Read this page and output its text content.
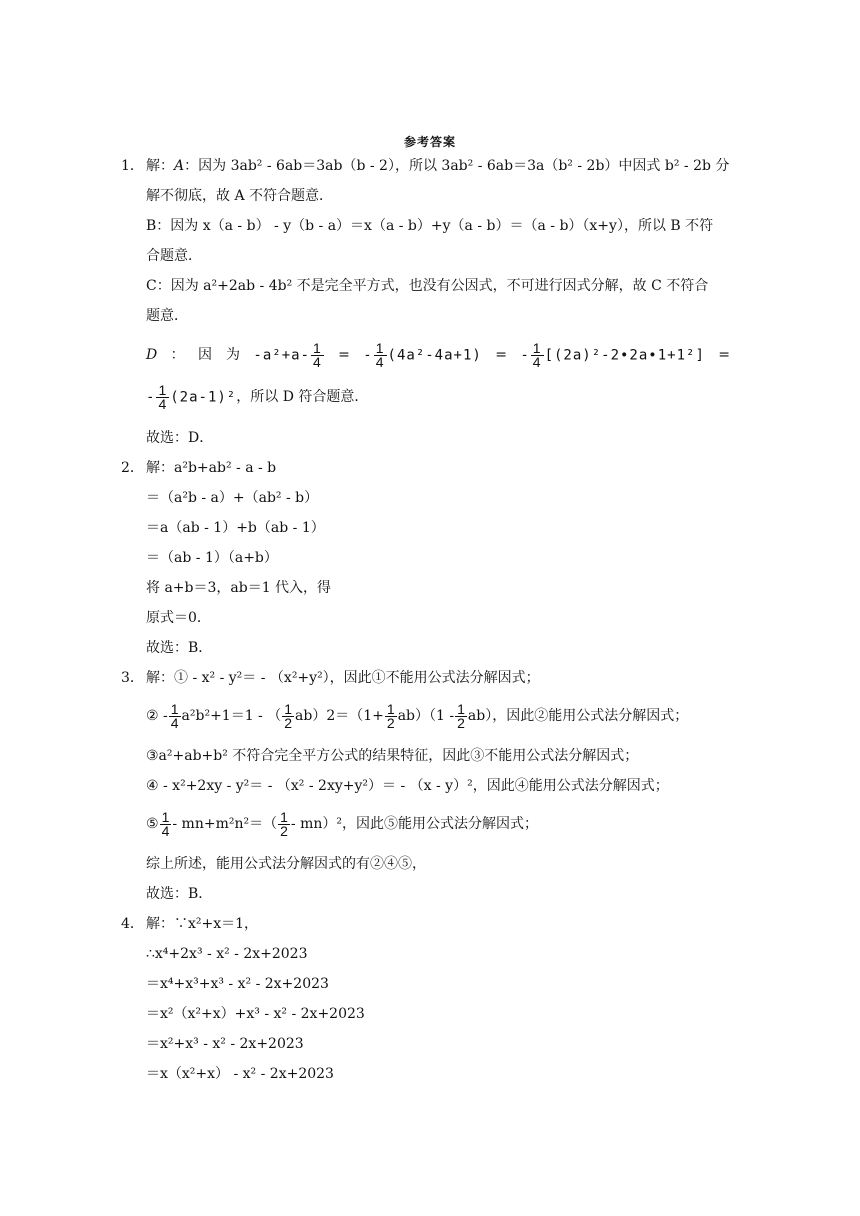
参考答案
1． 解：A：因为 3ab² - 6ab＝3ab（b - 2），所以 3ab² - 6ab＝3a（b² - 2b）中因式 b² - 2b 分
解不彻底，故 A 不符合题意．
B：因为 x（a - b） - y（b - a）＝x（a - b）+y（a - b）＝（a - b）（x+y），所以 B 不符
合题意．
C：因为 a²+2ab - 4b² 不是完全平方式，也没有公因式，不可进行因式分解，故 C 不符合
题意．
D ： 因　为 $-a^2+a- \frac{1}{4}$ = - $\frac{1}{4} (4a^2-4a+1)$ = - $\frac{1}{4}$ [(2a)²-2•2a•1+1²] =
- $\frac{1}{4} (2a-1)^2$ ，所以 D 符合题意．
故选：D．
2． 解：a²b+ab² - a - b
＝（a²b - a）+（ab² - b）
＝a（ab - 1）+b（ab - 1）
＝（ab - 1）（a+b）
将 a+b＝3，ab＝1 代入，得
原式＝0．
故选：B．
3． 解：① - x² - y²＝ - （x²+y²），因此①不能用公式法分解因式；
② - $\frac{1}{4} a^2b^2+1=1$ - （ $\frac{1}{2} ab)2=(1+ \frac{1}{2} ab)(1 - \frac{1}{2} ab)$，因此②能用公式法分解因式；
③a²+ab+b² 不符合完全平方公式的结果特征，因此③不能用公式法分解因式；
④ - x²+2xy - y²＝ - （x² - 2xy+y²）＝ - （x - y）²，因此④能用公式法分解因式；
⑤ $\frac{1}{4} - mn+m^2n^2=( \frac{1}{2} - mn)^2$，因此⑤能用公式法分解因式；
综上所述，能用公式法分解因式的有②④⑤，
故选：B．
4． 解：∵x²+x＝1，
∴x⁴+2x³ - x² - 2x+2023
＝x⁴+x³+x³ - x² - 2x+2023
＝x²（x²+x）+x³ - x² - 2x+2023
＝x²+x³ - x² - 2x+2023
＝x（x²+x） - x² - 2x+2023
